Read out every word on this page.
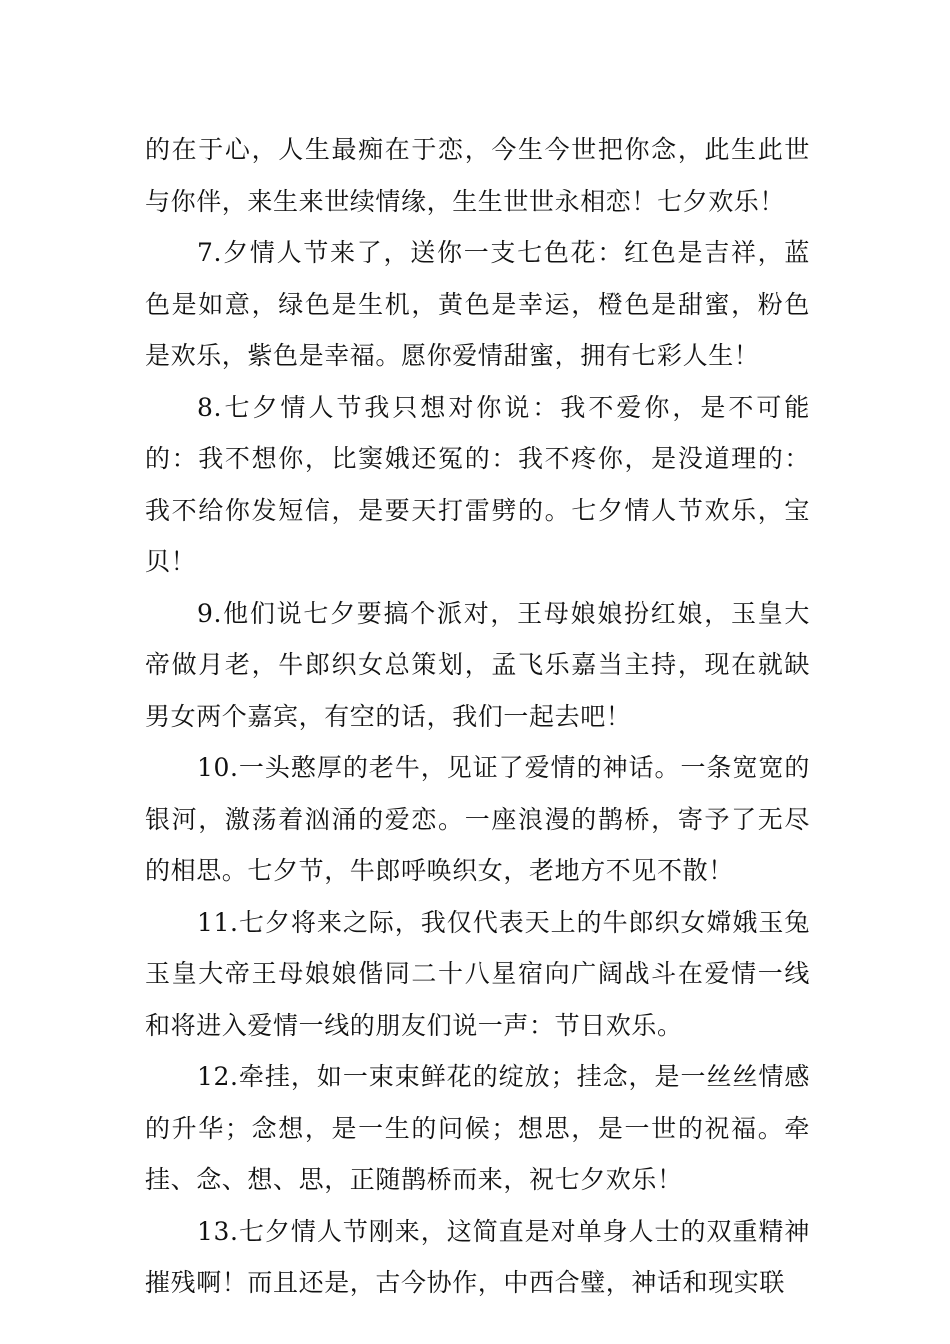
的在于心，人生最痴在于恋，今生今世把你念，此生此世与你伴，来生来世续情缘，生生世世永相恋！七夕欢乐！

7.夕情人节来了，送你一支七色花：红色是吉祥，蓝色是如意，绿色是生机，黄色是幸运，橙色是甜蜜，粉色是欢乐，紫色是幸福。愿你爱情甜蜜，拥有七彩人生！

8.七夕情人节我只想对你说：我不爱你，是不可能的：我不想你，比窦娥还冤的：我不疼你，是没道理的：我不给你发短信，是要天打雷劈的。七夕情人节欢乐，宝贝！

9.他们说七夕要搞个派对，王母娘娘扮红娘，玉皇大帝做月老，牛郎织女总策划，孟飞乐嘉当主持，现在就缺男女两个嘉宾，有空的话，我们一起去吧！

10.一头憨厚的老牛，见证了爱情的神话。一条宽宽的银河，激荡着汹涌的爱恋。一座浪漫的鹊桥，寄予了无尽的相思。七夕节，牛郎呼唤织女，老地方不见不散！

11.七夕将来之际，我仅代表天上的牛郎织女嫦娥玉兔玉皇大帝王母娘娘偕同二十八星宿向广阔战斗在爱情一线和将进入爱情一线的朋友们说一声：节日欢乐。

12.牵挂，如一束束鲜花的绽放；挂念，是一丝丝情感的升华；念想，是一生的问候；想思，是一世的祝福。牵挂、念、想、思，正随鹊桥而来，祝七夕欢乐！

13.七夕情人节刚来，这简直是对单身人士的双重精神摧残啊！而且还是，古今协作，中西合璧，神话和现实联
